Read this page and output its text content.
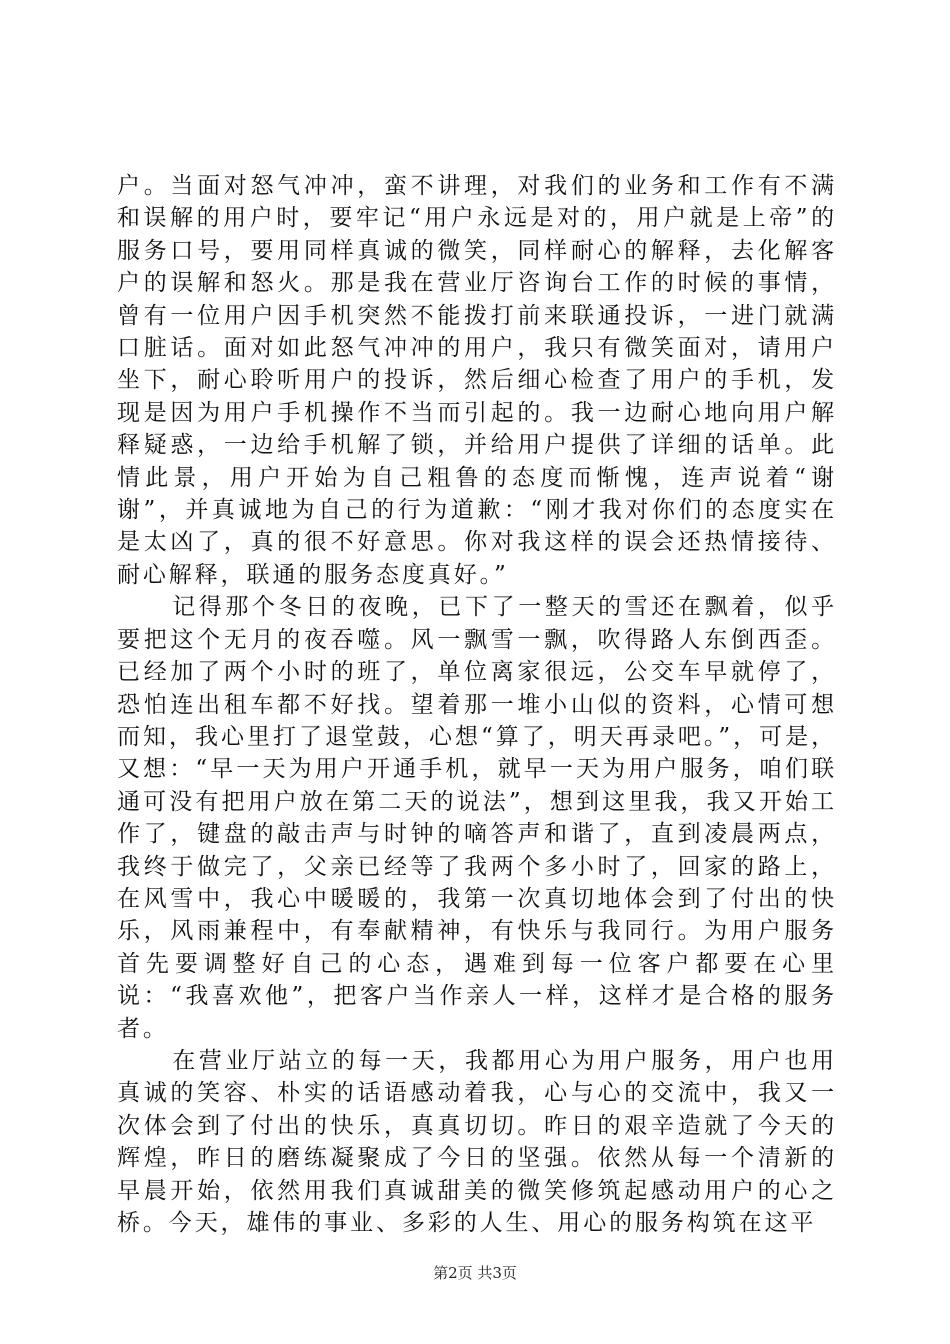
户。当面对怒气冲冲，蛮不讲理，对我们的业务和工作有不满和误解的用户时，要牢记“用户永远是对的，用户就是上帝”的服务口号，要用同样真诚的微笑，同样耐心的解释，去化解客户的误解和怒火。那是我在营业厅咨询台工作的时候的事情，曾有一位用户因手机突然不能拨打前来联通投诉，一进门就满口脏话。面对如此怒气冲冲的用户，我只有微笑面对，请用户坐下，耐心聆听用户的投诉，然后细心检查了用户的手机，发现是因为用户手机操作不当而引起的。我一边耐心地向用户解释疑惑，一边给手机解了锁，并给用户提供了详细的话单。此情此景，用户开始为自己粗鲁的态度而惭愧，连声说着“谢谢”，并真诚地为自己的行为道歉：“刚才我对你们的态度实在是太凶了，真的很不好意思。你对我这样的误会还热情接待、耐心解释，联通的服务态度真好。”

记得那个冬日的夜晚，已下了一整天的雪还在飘着，似乎要把这个无月的夜吞噬。风一飘雪一飘，吹得路人东倒西歪。已经加了两个小时的班了，单位离家很远，公交车早就停了，恐怕连出租车都不好找。望着那一堆小山似的资料，心情可想而知，我心里打了退堂鼓，心想“算了，明天再录吧。”，可是，又想：“早一天为用户开通手机，就早一天为用户服务，咱们联通可没有把用户放在第二天的说法”，想到这里我，我又开始工作了，键盘的敲击声与时钟的嘀答声和谐了，直到凌晨两点，我终于做完了，父亲已经等了我两个多小时了，回家的路上，在风雪中，我心中暖暖的，我第一次真切地体会到了付出的快乐，风雨兼程中，有奉献精神，有快乐与我同行。为用户服务首先要调整好自己的心态，遇难到每一位客户都要在心里说：“我喜欢他”，把客户当作亲人一样，这样才是合格的服务者。

在营业厅站立的每一天，我都用心为用户服务，用户也用真诚的笑容、朴实的话语感动着我，心与心的交流中，我又一次体会到了付出的快乐，真真切切。昨日的艰辛造就了今天的辉煌，昨日的磨练凝聚成了今日的坚强。依然从每一个清新的早晨开始，依然用我们真诚甜美的微笑修筑起感动用户的心之桥。今天，雄伟的事业、多彩的人生、用心的服务构筑在这平

第2页 共3页
